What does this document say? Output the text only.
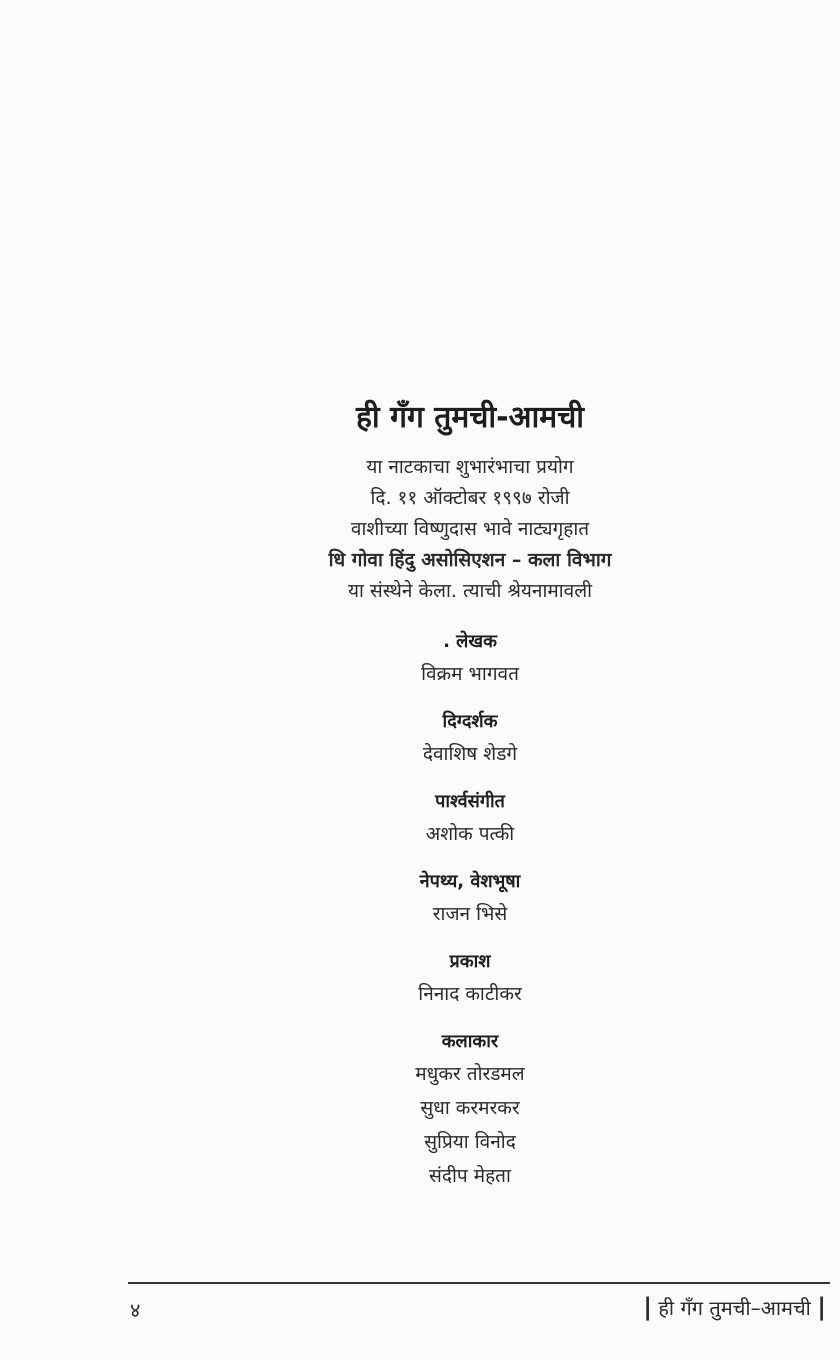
ही गँग तुमची-आमची

या नाटकाचा शुभारंभाचा प्रयोग

दि. ११ ऑक्टोबर १९९७ रोजी

वाशीच्या विष्णुदास भावे नाट्यगृहात

धि गोवा हिंदु असोसिएशन – कला विभाग

या संस्थेने केला. त्याची श्रेयनामावली

. लेखक

विक्रम भागवत

दिग्दर्शक

देवाशिष शेडगे

पार्श्वसंगीत

अशोक पत्की

नेपथ्य, वेशभूषा

राजन भिसे

प्रकाश

निनाद काटीकर

कलाकार

मधुकर तोरडमल

सुधा करमरकर

सुप्रिया विनोद

संदीप मेहता

४	| ही गँग तुमची–आमची |
